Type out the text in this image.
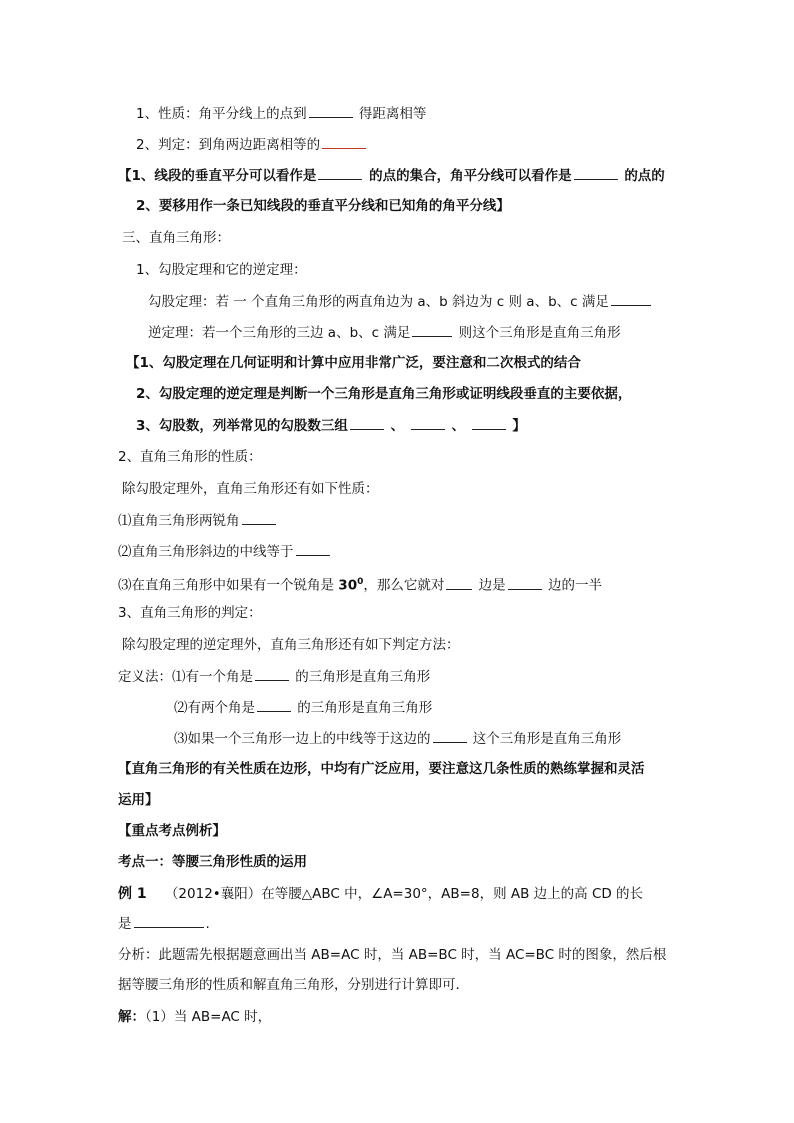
1、性质：角平分线上的点到	得距离相等
2、判定：到角两边距离相等的
【1、线段的垂直平分可以看作是	的点的集合，角平分线可以看作是	的点的
2、要移用作一条已知线段的垂直平分线和已知角的角平分线】
三、直角三角形：
1、勾股定理和它的逆定理：
勾股定理：若 一 个直角三角形的两直角边为 a、b 斜边为 c 则 a、b、c 满足
逆定理：若一个三角形的三边 a、b、c 满足	则这个三角形是直角三角形
【1、勾股定理在几何证明和计算中应用非常广泛，要注意和二次根式的结合
2、勾股定理的逆定理是判断一个三角形是直角三角形或证明线段垂直的主要依据，
3、勾股数，列举常见的勾股数三组	、	、	】
2、直角三角形的性质：
除勾股定理外，直角三角形还有如下性质：
⑴直角三角形两锐角
⑵直角三角形斜边的中线等于
⑶在直角三角形中如果有一个锐角是 $30^0$，那么它就对	边是	边的一半
3、直角三角形的判定：
除勾股定理的逆定理外，直角三角形还有如下判定方法：
定义法：⑴有一个角是	的三角形是直角三角形
⑵有两个角是	的三角形是直角三角形
⑶如果一个三角形一边上的中线等于这边的	这个三角形是直角三角形
【直角三角形的有关性质在边形，中均有广泛应用，要注意这几条性质的熟练掌握和灵活
运用】
【重点考点例析】
考点一：等腰三角形性质的运用
例 1 （2012•襄阳）在等腰△ABC 中，∠A=30°，AB=8，则 AB 边上的高 CD 的长
是	.
分析：此题需先根据题意画出当 AB=AC 时，当 AB=BC 时，当 AC=BC 时的图象，然后根
据等腰三角形的性质和解直角三角形，分别进行计算即可．
解：（1）当 AB=AC 时，
